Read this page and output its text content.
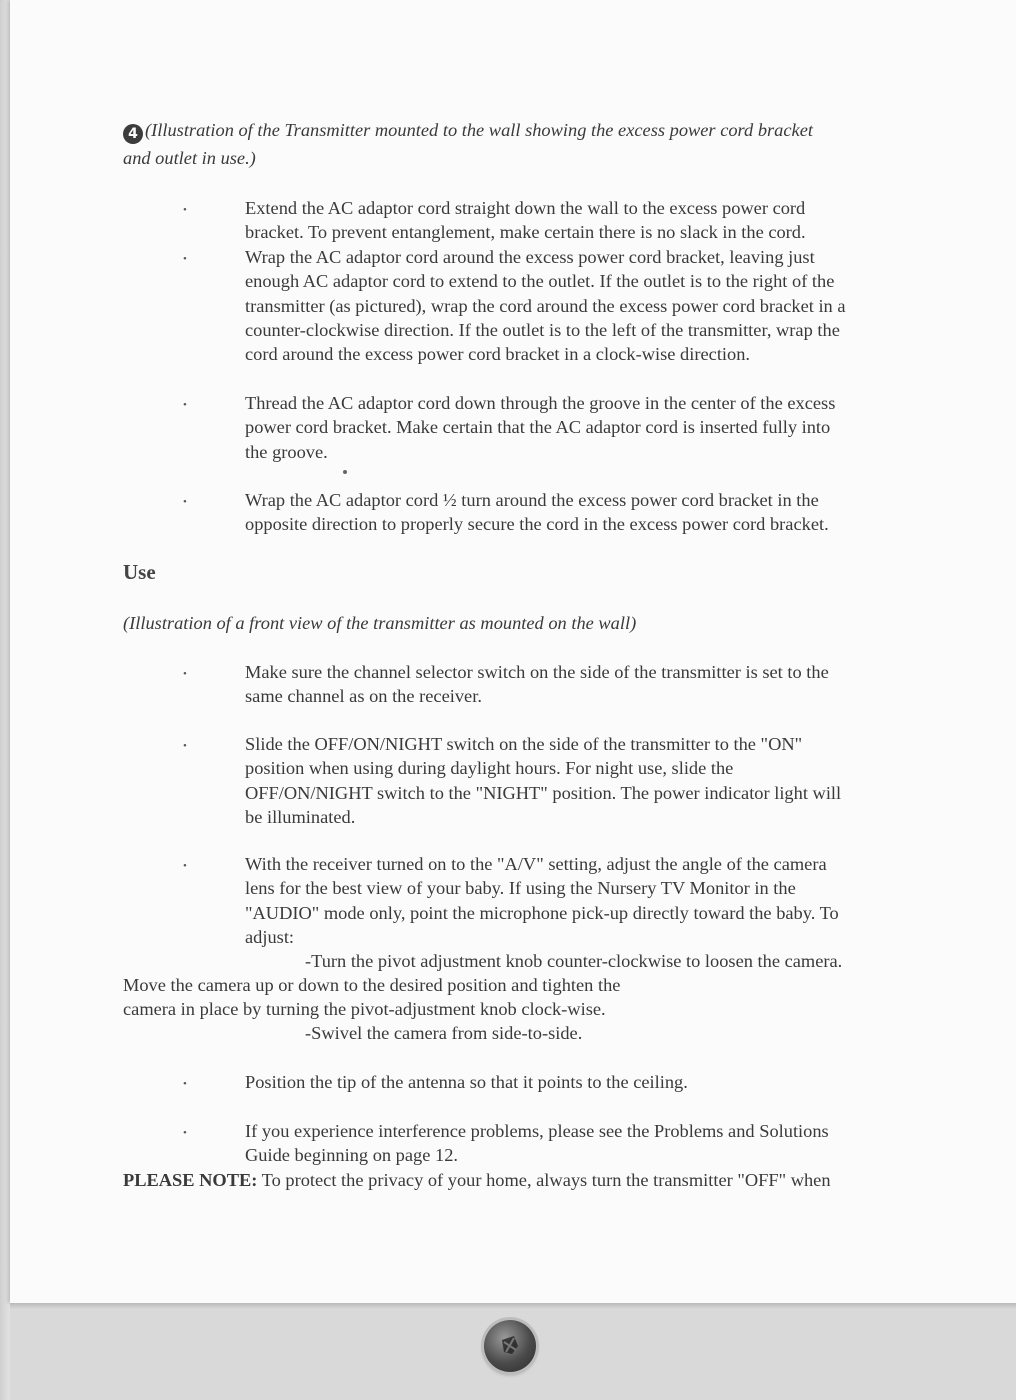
4 (Illustration of the Transmitter mounted to the wall showing the excess power cord bracket
and outlet in use.)
•	Extend the AC adaptor cord straight down the wall to the excess power cord
bracket. To prevent entanglement, make certain there is no slack in the cord.
•	Wrap the AC adaptor cord around the excess power cord bracket, leaving just
enough AC adaptor cord to extend to the outlet. If the outlet is to the right of the
transmitter (as pictured), wrap the cord around the excess power cord bracket in a
counter-clockwise direction. If the outlet is to the left of the transmitter, wrap the
cord around the excess power cord bracket in a clock-wise direction.
•	Thread the AC adaptor cord down through the groove in the center of the excess
power cord bracket. Make certain that the AC adaptor cord is inserted fully into
the groove.
•	Wrap the AC adaptor cord ½ turn around the excess power cord bracket in the
opposite direction to properly secure the cord in the excess power cord bracket.
Use
(Illustration of a front view of the transmitter as mounted on the wall)
•	Make sure the channel selector switch on the side of the transmitter is set to the
same channel as on the receiver.
•	Slide the OFF/ON/NIGHT switch on the side of the transmitter to the "ON"
position when using during daylight hours. For night use, slide the
OFF/ON/NIGHT switch to the "NIGHT" position. The power indicator light will
be illuminated.
•	With the receiver turned on to the "A/V" setting, adjust the angle of the camera
lens for the best view of your baby. If using the Nursery TV Monitor in the
"AUDIO" mode only, point the microphone pick-up directly toward the baby. To
adjust:
-Turn the pivot adjustment knob counter-clockwise to loosen the camera.
Move the camera up or down to the desired position and tighten the
camera in place by turning the pivot-adjustment knob clock-wise.
-Swivel the camera from side-to-side.
•	Position the tip of the antenna so that it points to the ceiling.
•	If you experience interference problems, please see the Problems and Solutions
Guide beginning on page 12.
PLEASE NOTE: To protect the privacy of your home, always turn the transmitter "OFF" when
